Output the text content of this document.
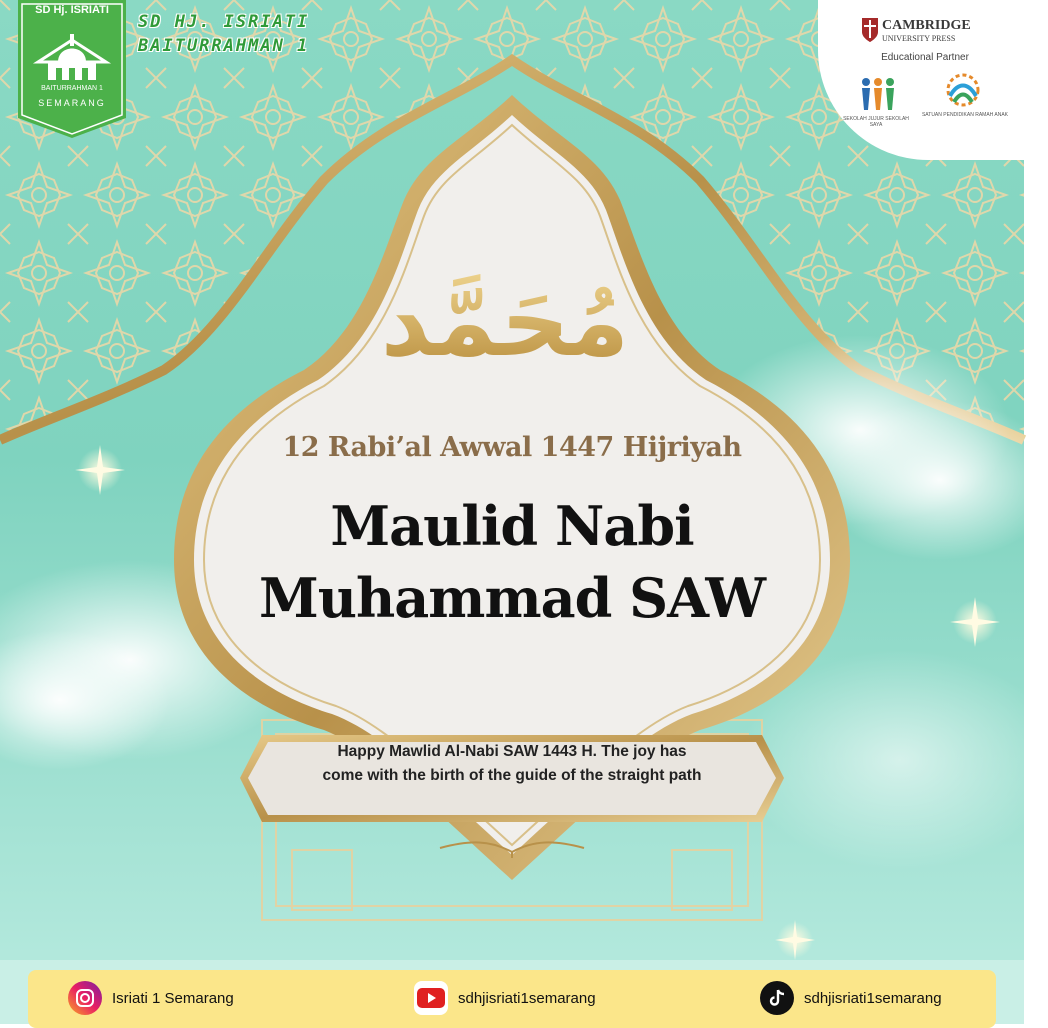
SD Hj. ISRIATI
BAITURRAHMAN 1
SEMARANG
SD HJ. ISRIATI
BAITURRAHMAN 1
CAMBRIDGE
UNIVERSITY PRESS
Educational Partner
SEKOLAH JUJUR SEKOLAH SAYA
SATUAN PENDIDIKAN RAMAH ANAK
مُحَمَّد
12 Rabi’al Awwal 1447 Hijriyah
Maulid Nabi
Muhammad SAW
Happy Mawlid Al-Nabi SAW 1443 H. The joy has
come with the birth of the guide of the straight path
Isriati 1 Semarang	sdhjisriati1semarang	sdhjisriati1semarang
